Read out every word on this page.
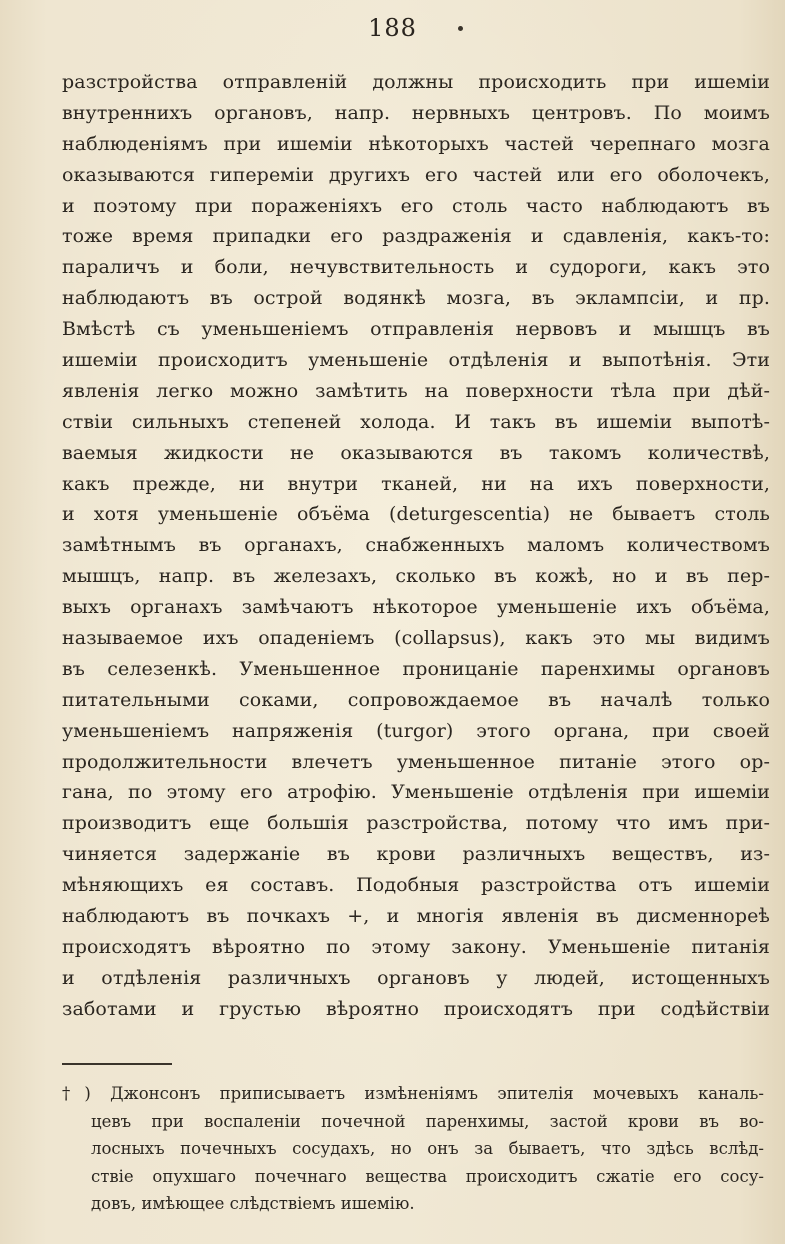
188
разстройства отправленій должны происходить при ишеміи
внутреннихъ органовъ, напр. нервныхъ центровъ. По моимъ
наблюденіямъ при ишеміи нѣкоторыхъ частей черепнаго мозга
оказываются гипереміи другихъ его частей или его оболочекъ,
и поэтому при пораженіяхъ его столь часто наблюдаютъ въ
тоже время припадки его раздраженія и сдавленія, какъ-то:
параличъ и боли, нечувствительность и судороги, какъ это
наблюдаютъ въ острой водянкѣ мозга, въ эклампсіи, и пр.
Вмѣстѣ съ уменьшеніемъ отправленія нервовъ и мышцъ въ
ишеміи происходитъ уменьшеніе отдѣленія и выпотѣнія. Эти
явленія легко можно замѣтить на поверхности тѣла при дѣй-
ствіи сильныхъ степеней холода. И такъ въ ишеміи выпотѣ-
ваемыя жидкости не оказываются въ такомъ количествѣ,
какъ прежде, ни внутри тканей, ни на ихъ поверхности,
и хотя уменьшеніе объёма (deturgescentia) не бываетъ столь
замѣтнымъ въ органахъ, снабженныхъ маломъ количествомъ
мышцъ, напр. въ железахъ, сколько въ кожѣ, но и въ пер-
выхъ органахъ замѣчаютъ нѣкоторое уменьшеніе ихъ объёма,
называемое ихъ опаденіемъ (collapsus), какъ это мы видимъ
въ селезенкѣ. Уменьшенное проницаніе паренхимы органовъ
питательными соками, сопровождаемое въ началѣ только
уменьшеніемъ напряженія (turgor) этого органа, при своей
продолжительности влечетъ уменьшенное питаніе этого ор-
гана, по этому его атрофію. Уменьшеніе отдѣленія при ишеміи
производитъ еще большія разстройства, потому что имъ при-
чиняется задержаніе въ крови различныхъ веществъ, из-
мѣняющихъ ея составъ. Подобныя разстройства отъ ишеміи
наблюдаютъ въ почкахъ +, и многія явленія въ дисменнореѣ
происходятъ вѣроятно по этому закону. Уменьшеніе питанія
и отдѣленія различныхъ органовъ у людей, истощенныхъ
заботами и грустью вѣроятно происходятъ при содѣйствіи
†) Джонсонъ приписываетъ измѣненіямъ эпителія мочевыхъ каналь-
цевъ при воспаленіи почечной паренхимы, застой крови въ во-
лосныхъ почечныхъ сосудахъ, но онъ за бываетъ, что здѣсь вслѣд-
ствіе опухшаго почечнаго вещества происходитъ сжатіе его сосу-
довъ, имѣющее слѣдствіемъ ишемію.
